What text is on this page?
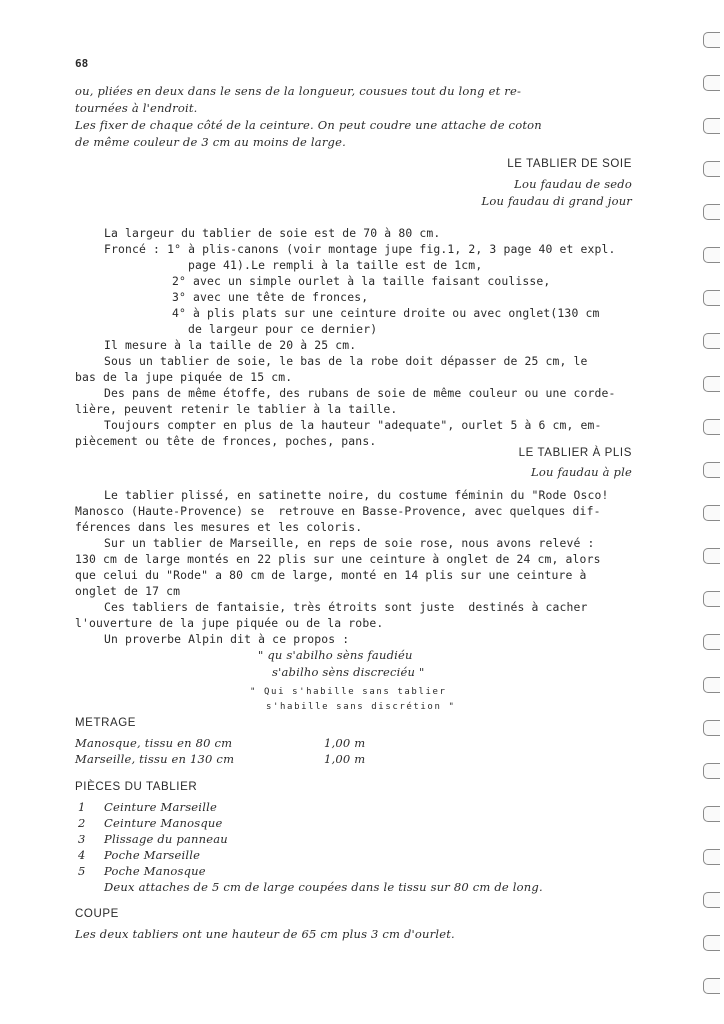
68
ou, pliées en deux dans le sens de la longueur, cousues tout du long et re-
tournées à l'endroit.
Les fixer de chaque côté de la ceinture. On peut coudre une attache de coton
de même couleur de 3 cm au moins de large.
LE TABLIER DE SOIE
Lou faudau de sedo
Lou faudau di grand jour
La largeur du tablier de soie est de 70 à 80 cm.
Froncé : 1° à plis-canons (voir montage jupe fig.1, 2, 3 page 40 et expl.
page 41).Le rempli à la taille est de 1cm,
2° avec un simple ourlet à la taille faisant coulisse,
3° avec une tête de fronces,
4° à plis plats sur une ceinture droite ou avec onglet(130 cm
de largeur pour ce dernier)
Il mesure à la taille de 20 à 25 cm.
Sous un tablier de soie, le bas de la robe doit dépasser de 25 cm, le
bas de la jupe piquée de 15 cm.
Des pans de même étoffe, des rubans de soie de même couleur ou une corde-
lière, peuvent retenir le tablier à la taille.
Toujours compter en plus de la hauteur "adequate", ourlet 5 à 6 cm, em-
piècement ou tête de fronces, poches, pans.
LE TABLIER À PLIS
Lou faudau à ple
Le tablier plissé, en satinette noire, du costume féminin du "Rode Osco!
Manosco (Haute-Provence) se  retrouve en Basse-Provence, avec quelques dif-
férences dans les mesures et les coloris.
Sur un tablier de Marseille, en reps de soie rose, nous avons relevé :
130 cm de large montés en 22 plis sur une ceinture à onglet de 24 cm, alors
que celui du "Rode" a 80 cm de large, monté en 14 plis sur une ceinture à
onglet de 17 cm
Ces tabliers de fantaisie, très étroits sont juste  destinés à cacher
l'ouverture de la jupe piquée ou de la robe.
Un proverbe Alpin dit à ce propos :
" qu s'abilho sèns faudiéu
s'abilho sèns discreciéu "
" Qui s'habille sans tablier
s'habille sans discrétion "
METRAGE
Manosque, tissu en 80 cm	1,00 m
Marseille, tissu en 130 cm	1,00 m
PIÈCES DU TABLIER
1 Ceinture Marseille
2 Ceinture Manosque
3 Plissage du panneau
4 Poche Marseille
5 Poche Manosque
Deux attaches de 5 cm de large coupées dans le tissu sur 80 cm de long.
COUPE
Les deux tabliers ont une hauteur de 65 cm plus 3 cm d'ourlet.
